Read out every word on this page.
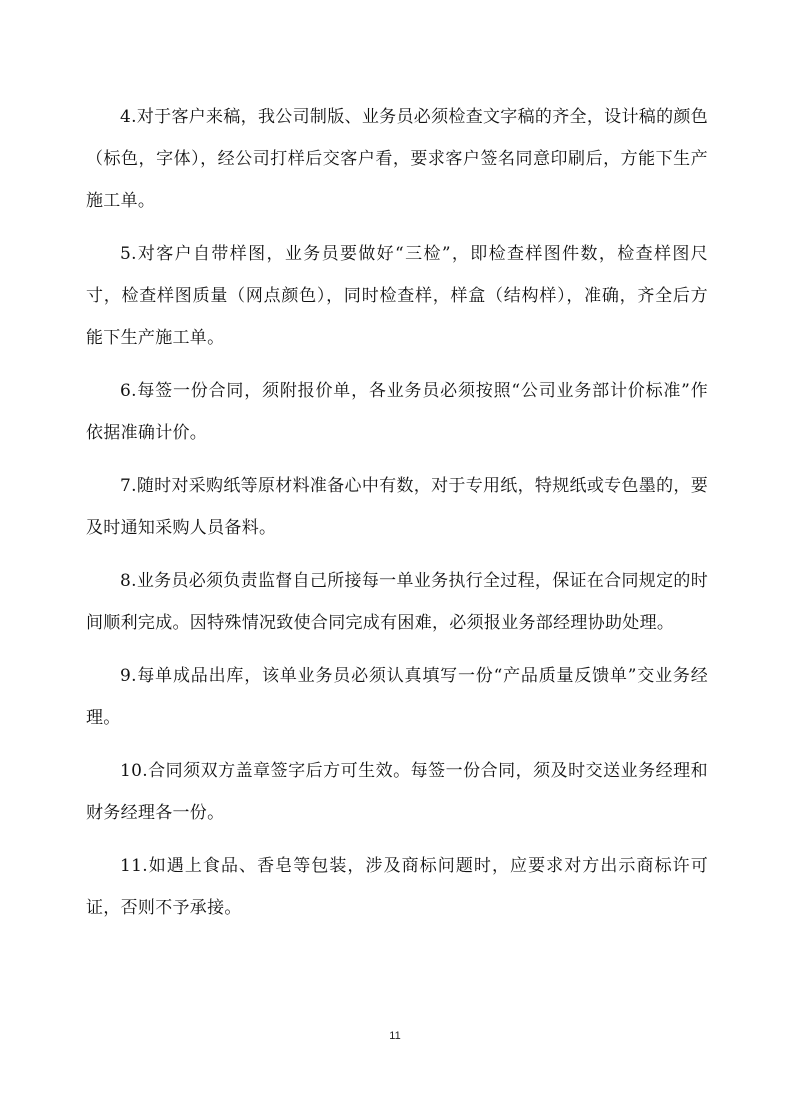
4.对于客户来稿，我公司制版、业务员必须检查文字稿的齐全，设计稿的颜色（标色，字体），经公司打样后交客户看，要求客户签名同意印刷后，方能下生产施工单。

5.对客户自带样图，业务员要做好“三检”，即检查样图件数，检查样图尺寸，检查样图质量（网点颜色），同时检查样，样盒（结构样），准确，齐全后方能下生产施工单。

6.每签一份合同，须附报价单，各业务员必须按照“公司业务部计价标准”作依据准确计价。

7.随时对采购纸等原材料准备心中有数，对于专用纸，特规纸或专色墨的，要及时通知采购人员备料。

8.业务员必须负责监督自己所接每一单业务执行全过程，保证在合同规定的时间顺利完成。因特殊情况致使合同完成有困难，必须报业务部经理协助处理。

9.每单成品出库，该单业务员必须认真填写一份“产品质量反馈单”交业务经理。

10.合同须双方盖章签字后方可生效。每签一份合同，须及时交送业务经理和财务经理各一份。

11.如遇上食品、香皂等包装，涉及商标问题时，应要求对方出示商标许可证，否则不予承接。

11
